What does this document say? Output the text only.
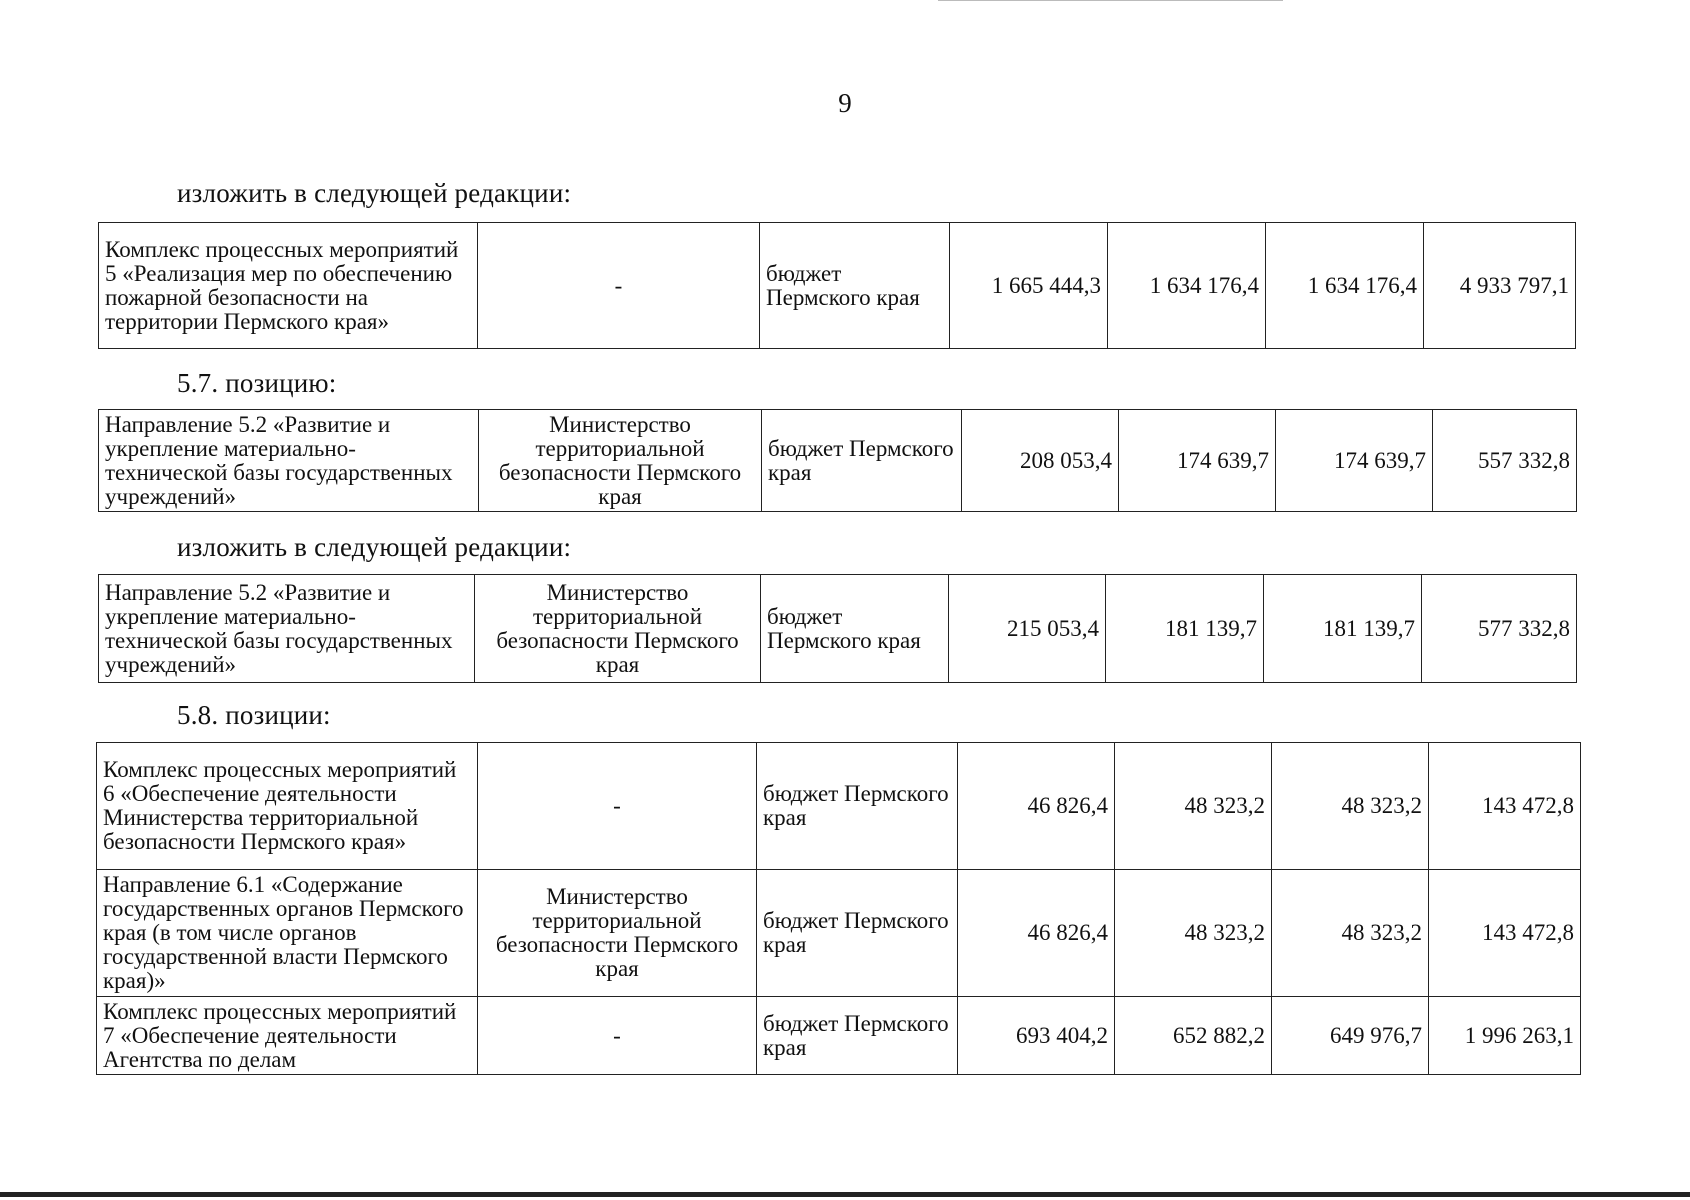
9
изложить в следующей редакции:
Комплекс процессных мероприятий 5 «Реализация мер по обеспечению пожарной безопасности на территории Пермского края»	-	бюджет Пермского края	1 665 444,3	1 634 176,4	1 634 176,4	4 933 797,1
5.7. позицию:
Направление 5.2 «Развитие и укрепление материально-технической базы государственных учреждений»	Министерство территориальной безопасности Пермского края	бюджет Пермского края	208 053,4	174 639,7	174 639,7	557 332,8
изложить в следующей редакции:
Направление 5.2 «Развитие и укрепление материально-технической базы государственных учреждений»	Министерство территориальной безопасности Пермского края	бюджет Пермского края	215 053,4	181 139,7	181 139,7	577 332,8
5.8. позиции:
Комплекс процессных мероприятий 6 «Обеспечение деятельности Министерства территориальной безопасности Пермского края»	-	бюджет Пермского края	46 826,4	48 323,2	48 323,2	143 472,8
Направление 6.1 «Содержание государственных органов Пермского края (в том числе органов государственной власти Пермского края)»	Министерство территориальной безопасности Пермского края	бюджет Пермского края	46 826,4	48 323,2	48 323,2	143 472,8
Комплекс процессных мероприятий 7 «Обеспечение деятельности Агентства по делам	-	бюджет Пермского края	693 404,2	652 882,2	649 976,7	1 996 263,1
